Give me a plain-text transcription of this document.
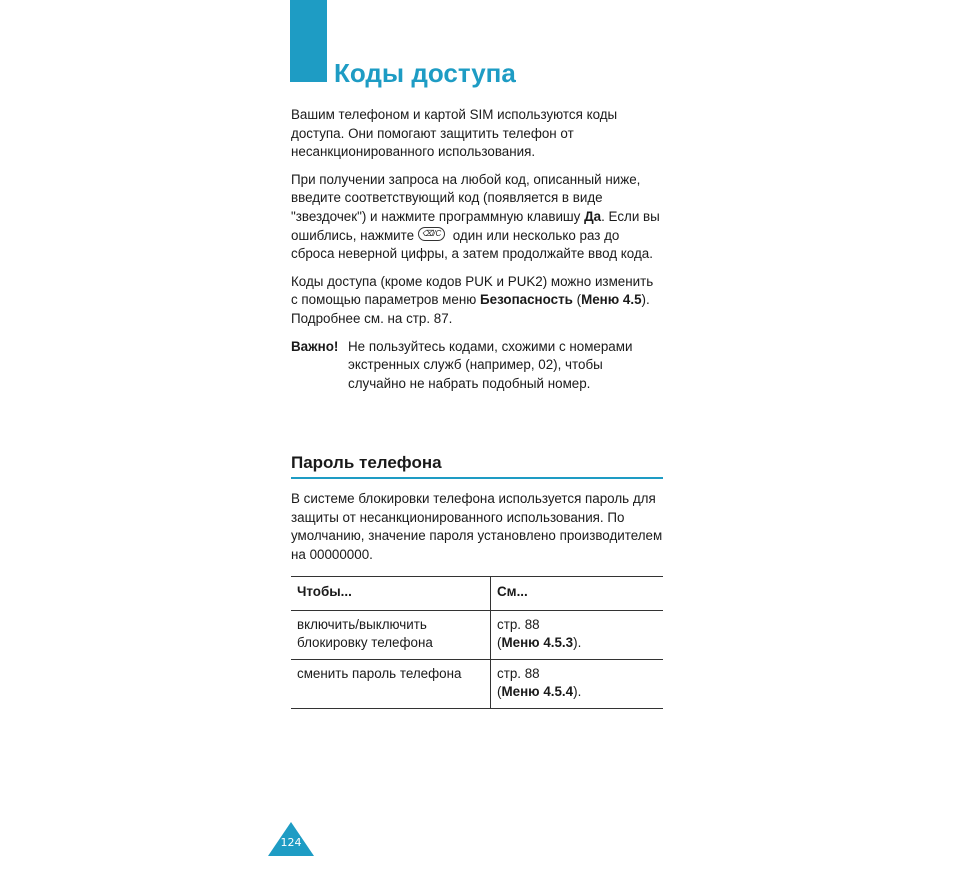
Коды доступа

Вашим телефоном и картой SIM используются коды доступа. Они помогают защитить телефон от несанкционированного использования.

При получении запроса на любой код, описанный ниже, введите соответствующий код (появляется в виде "звездочек") и нажмите программную клавишу Да. Если вы ошиблись, нажмите ⌫/C один или несколько раз до сброса неверной цифры, а затем продолжайте ввод кода.

Коды доступа (кроме кодов PUK и PUK2) можно изменить с помощью параметров меню Безопасность (Меню 4.5). Подробнее см. на стр. 87.

Важно! Не пользуйтесь кодами, схожими с номерами экстренных служб (например, 02), чтобы случайно не набрать подобный номер.
Пароль телефона

В системе блокировки телефона используется пароль для защиты от несанкционированного использования. По умолчанию, значение пароля установлено производителем на 00000000.

Чтобы...	См...
включить/выключить блокировку телефона	стр. 88
(Меню 4.5.3).
сменить пароль телефона	стр. 88
(Меню 4.5.4).
124
